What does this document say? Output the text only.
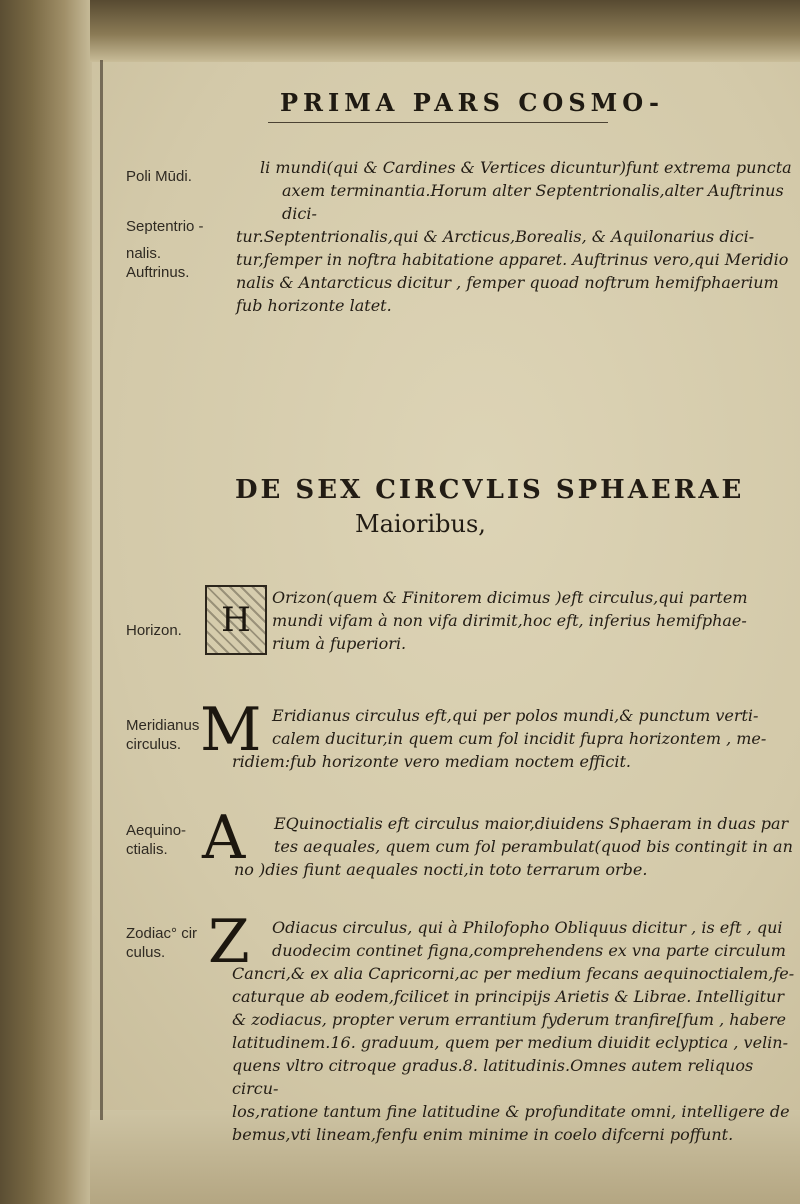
PRIMA PARS COSMO-
Poli Mūdi.
Septentrio -
nalis.
Auftrinus.
Horizon.
Meridianus
circulus.
Aequino-
ctialis.
Zodiac° cir
culus.
li mundi(qui & Cardines & Vertices dicuntur)funt extrema puncta
axem terminantia.Horum alter Septentrionalis,alter Auftrinus dici-
tur.Septentrionalis,qui & Arcticus,Borealis, & Aquilonarius dici-
tur,femper in noftra habitatione apparet. Auftrinus vero,qui Meridio
nalis & Antarcticus dicitur , femper quoad noftrum hemifphaerium
fub horizonte latet.
DE SEX CIRCVLIS SPHAERAE
Maioribus,
H
Orizon(quem & Finitorem dicimus )eft circulus,qui partem
mundi vifam à non vifa dirimit,hoc eft, inferius hemifphae-
rium à fuperiori.
M Eridianus circulus eft,qui per polos mundi,& punctum verti-
calem ducitur,in quem cum fol incidit fupra horizontem , me-
ridiem:fub horizonte vero mediam noctem efficit.
A EQuinoctialis eft circulus maior,diuidens Sphaeram in duas par
tes aequales, quem cum fol perambulat(quod bis contingit in an
no )dies fiunt aequales nocti,in toto terrarum orbe.
Z Odiacus circulus, qui à Philofopho Obliquus dicitur , is eft , qui
duodecim continet figna,comprehendens ex vna parte circulum
Cancri,& ex alia Capricorni,ac per medium fecans aequinoctialem,fe-
caturque ab eodem,fcilicet in principijs Arietis & Librae. Intelligitur
& zodiacus, propter verum errantium fyderum tranfire[fum , habere
latitudinem.16. graduum, quem per medium diuidit eclyptica , velin-
quens vltro citroque gradus.8. latitudinis.Omnes autem reliquos circu-
los,ratione tantum fine latitudine & profunditate omni, intelligere de
bemus,vti lineam,fenfu enim minime in coelo difcerni poffunt.
